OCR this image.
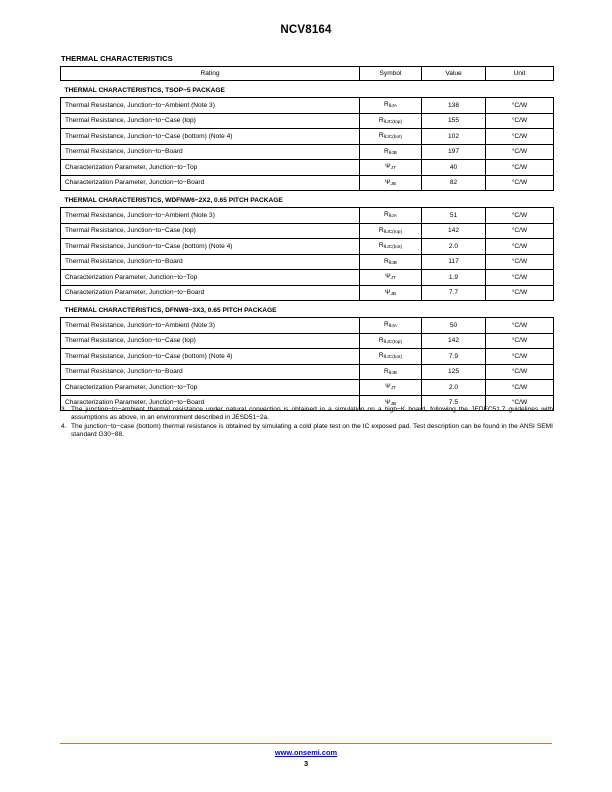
NCV8164
THERMAL CHARACTERISTICS
Rating	Symbol	Value	Unit

THERMAL CHARACTERISTICS, TSOP−5 PACKAGE			
Thermal Resistance, Junction−to−Ambient (Note 3)	RθJA	138	°C/W
Thermal Resistance, Junction−to−Case (top)	RθJC(top)	155	°C/W
Thermal Resistance, Junction−to−Case (bottom) (Note 4)	RθJC(bot)	102	°C/W
Thermal Resistance, Junction−to−Board	RθJB	197	°C/W
Characterization Parameter, Junction−to−Top	ΨJT	40	°C/W
Characterization Parameter, Junction−to−Board	ΨJB	82	°C/W

THERMAL CHARACTERISTICS, WDFNW6−2X2, 0.65 PITCH PACKAGE			
Thermal Resistance, Junction−to−Ambient (Note 3)	RθJA	51	°C/W
Thermal Resistance, Junction−to−Case (top)	RθJC(top)	142	°C/W
Thermal Resistance, Junction−to−Case (bottom) (Note 4)	RθJC(bot)	2.0	°C/W
Thermal Resistance, Junction−to−Board	RθJB	117	°C/W
Characterization Parameter, Junction−to−Top	ΨJT	1.9	°C/W
Characterization Parameter, Junction−to−Board	ΨJB	7.7	°C/W

THERMAL CHARACTERISTICS, DFNW8−3X3, 0.65 PITCH PACKAGE			
Thermal Resistance, Junction−to−Ambient (Note 3)	RθJA	50	°C/W
Thermal Resistance, Junction−to−Case (top)	RθJC(top)	142	°C/W
Thermal Resistance, Junction−to−Case (bottom) (Note 4)	RθJC(bot)	7.9	°C/W
Thermal Resistance, Junction−to−Board	RθJB	125	°C/W
Characterization Parameter, Junction−to−Top	ΨJT	2.0	°C/W
Characterization Parameter, Junction−to−Board	ΨJB	7.5	°C/W
3. The junction−to−ambient thermal resistance under natural convection is obtained in a simulation on a high−K board, following the JEDEC51.7 guidelines with assumptions as above, in an environment described in JESD51−2a.
4. The junction−to−case (bottom) thermal resistance is obtained by simulating a cold plate test on the IC exposed pad. Test description can be found in the ANSI SEMI standard G30−88.
www.onsemi.com
3
